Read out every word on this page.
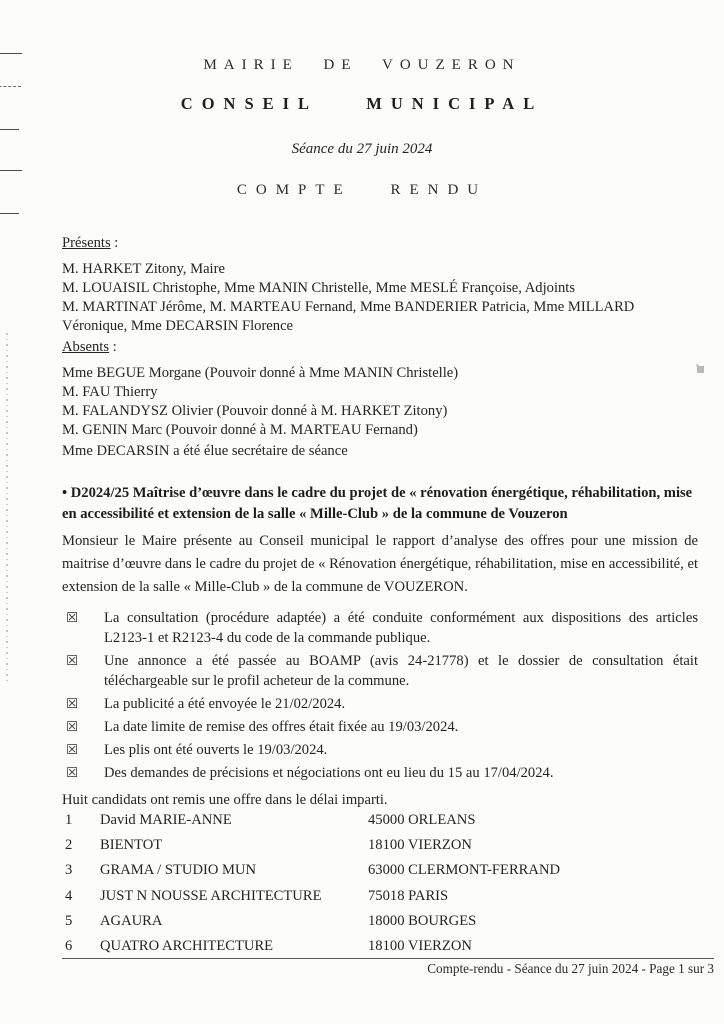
MAIRIE DE VOUZERON
CONSEIL MUNICIPAL
Séance du 27 juin 2024
COMPTE RENDU

Présents :

M. HARKET Zitony, Maire

M. LOUAISIL Christophe, Mme MANIN Christelle, Mme MESLÉ Françoise, Adjoints

M. MARTINAT Jérôme, M. MARTEAU Fernand, Mme BANDERIER Patricia, Mme MILLARD Véronique, Mme DECARSIN Florence

Absents :

Mme BEGUE Morgane (Pouvoir donné à Mme MANIN Christelle)

M. FAU Thierry

M. FALANDYSZ Olivier (Pouvoir donné à M. HARKET Zitony)

M. GENIN Marc (Pouvoir donné à M. MARTEAU Fernand)

Mme DECARSIN a été élue secrétaire de séance

• D2024/25 Maîtrise d’œuvre dans le cadre du projet de « rénovation énergétique, réhabilitation, mise en accessibilité et extension de la salle « Mille-Club » de la commune de Vouzeron

Monsieur le Maire présente au Conseil municipal le rapport d’analyse des offres pour une mission de maitrise d’œuvre dans le cadre du projet de « Rénovation énergétique, réhabilitation, mise en accessibilité, et extension de la salle « Mille-Club » de la commune de VOUZERON.

☒	La consultation (procédure adaptée) a été conduite conformément aux dispositions des articles L2123-1 et R2123-4 du code de la commande publique.
☒	Une annonce a été passée au BOAMP (avis 24-21778) et le dossier de consultation était téléchargeable sur le profil acheteur de la commune.
☒	La publicité a été envoyée le 21/02/2024.
☒	La date limite de remise des offres était fixée au 19/03/2024.
☒	Les plis ont été ouverts le 19/03/2024.
☒	Des demandes de précisions et négociations ont eu lieu du 15 au 17/04/2024.

Huit candidats ont remis une offre dans le délai imparti.

1	David MARIE-ANNE	45000 ORLEANS
2	BIENTOT	18100 VIERZON
3	GRAMA / STUDIO MUN	63000 CLERMONT-FERRAND
4	JUST N NOUSSE ARCHITECTURE	75018 PARIS
5	AGAURA	18000 BOURGES
6	QUATRO ARCHITECTURE	18100 VIERZON
Compte-rendu - Séance du 27 juin 2024 - Page 1 sur 3
